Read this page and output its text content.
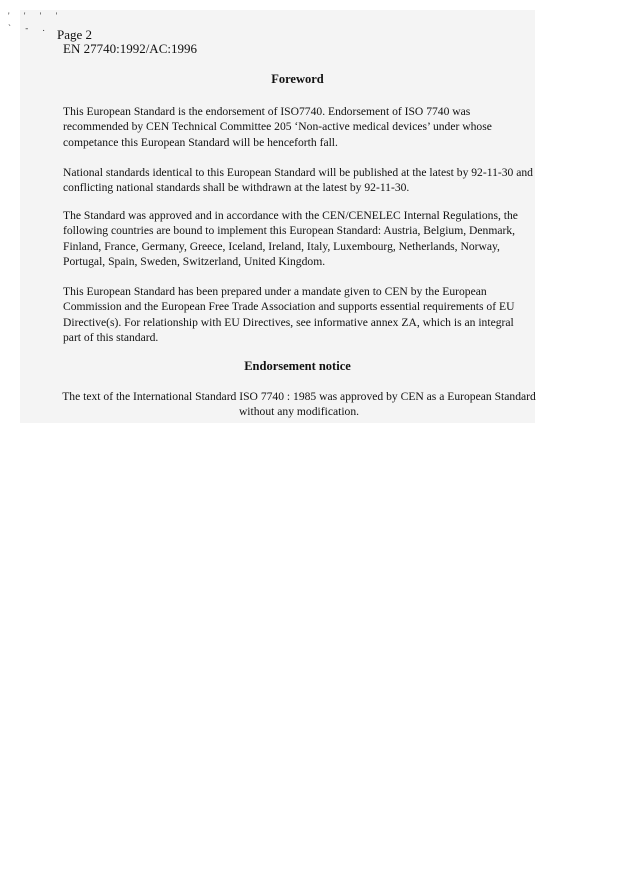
' ' ' '
` - . Page 2
EN 27740:1992/AC:1996
Foreword

This European Standard is the endorsement of ISO7740. Endorsement of ISO 7740 was recommended by CEN Technical Committee 205 ‘Non-active medical devices’ under whose competance this European Standard will be henceforth fall.

National standards identical to this European Standard will be published at the latest by 92-11-30 and conflicting national standards shall be withdrawn at the latest by 92-11-30.

The Standard was approved and in accordance with the CEN/CENELEC Internal Regulations, the following countries are bound to implement this European Standard: Austria, Belgium, Denmark, Finland, France, Germany, Greece, Iceland, Ireland, Italy, Luxembourg, Netherlands, Norway, Portugal, Spain, Sweden, Switzerland, United Kingdom.

This European Standard has been prepared under a mandate given to CEN by the European Commission and the European Free Trade Association and supports essential requirements of EU Directive(s). For relationship with EU Directives, see informative annex ZA, which is an integral part of this standard.

Endorsement notice

The text of the International Standard ISO 7740 : 1985 was approved by CEN as a European Standard without any modification.
